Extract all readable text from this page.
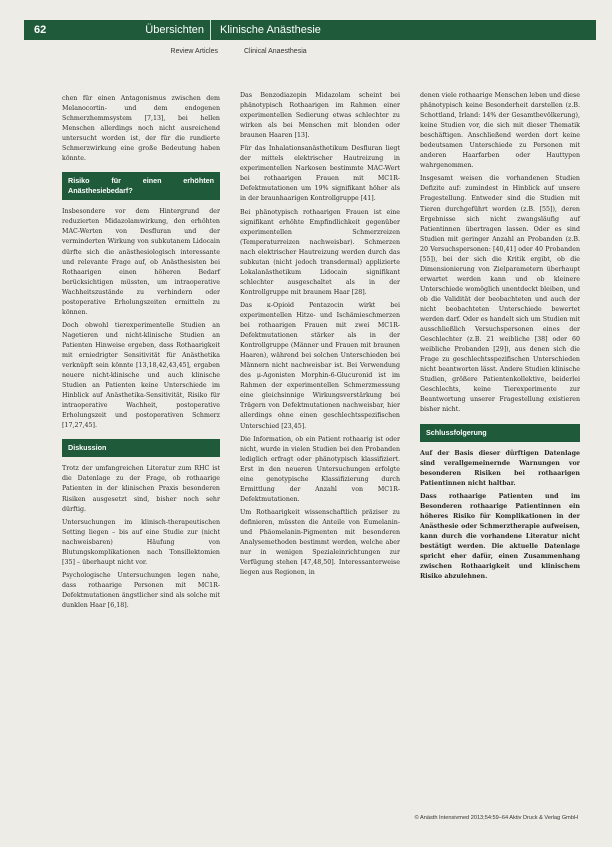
62	Übersichten Klinische Anästhesie
Review Articles	Clinical Anaesthesia

chen für einen Antagonismus zwischen dem Melanocortin- und dem endogenen Schmerzhemmsystem [7,13], bei hellen Menschen allerdings noch nicht ausreichend untersucht worden ist, der für die rundierte Schmerzwirkung eine große Bedeutung haben könnte.

Risiko für einen erhöhten Anästhesiebedarf?

Insbesondere vor dem Hintergrund der reduzierten Midazolamwirkung, den erhöhten MAC-Werten von Desfluran und der verminderten Wirkung von subkutanem Lidocain dürfte sich die anästhesiologisch interessante und relevante Frage auf, ob Anästhesisten bei Rothaarigen einen höheren Bedarf berücksichtigen müssten, um intraoperative Wachheitszustände zu verhindern oder postoperative Erholungszeiten ermitteln zu können.

Doch obwohl tierexperimentelle Studien an Nagetieren und nicht-klinische Studien an Patienten Hinweise ergeben, dass Rothaarigkeit mit erniedrigter Sensitivität für Anästhetika verknüpft sein könnte [13,18,42,43,45], ergaben neuere nicht-klinische und auch klinische Studien an Patienten keine Unterschiede im Hinblick auf Anästhetika-Sensitivität, Risiko für intraoperative Wachheit, postoperative Erholungszeit und postoperativen Schmerz [17,27,45].

Diskussion

Trotz der umfangreichen Literatur zum RHC ist die Datenlage zu der Frage, ob rothaarige Patienten in der klinischen Praxis besonderen Risiken ausgesetzt sind, bisher noch sehr dürftig.

Untersuchungen im klinisch-therapeutischen Setting liegen – bis auf eine Studie zur (nicht nachweisbaren) Häufung von Blutungskomplikationen nach Tonsillektomien [35] – überhaupt nicht vor.

Psychologische Untersuchungen legen nahe, dass rothaarige Personen mit MC1R-Defektmutationen ängstlicher sind als solche mit dunklen Haar [6,18].

Das Benzodiazepin Midazolam scheint bei phänotypisch Rothaarigen im Rahmen einer experimentellen Sedierung etwas schlechter zu wirken als bei Menschen mit blonden oder braunen Haaren [13].

Für das Inhalationsanästhetikum Desfluran liegt der mittels elektrischer Hautreizung in experimentellen Narkosen bestimmte MAC-Wert bei rothaarigen Frauen mit MC1R-Defektmutationen um 19% signifikant höher als in der braunhaarigen Kontrollgruppe [41].

Bei phänotypisch rothaarigen Frauen ist eine signifikant erhöhte Empfindlichkeit gegenüber experimentellen Schmerzreizen (Temperaturreizen nachweisbar). Schmerzen nach elektrischer Hautreizung werden durch das subkutan (nicht jedoch transdermal) applizierte Lokalanästhetikum Lidocain signifikant schlechter ausgeschaltet als in der Kontrollgruppe mit braunem Haar [28].

Das κ-Opioid Pentazocin wirkt bei experimentellen Hitze- und Ischämieschmerzen bei rothaarigen Frauen mit zwei MC1R-Defektmutationen stärker als in der Kontrollgruppe (Männer und Frauen mit braunen Haaren), während bei solchen Unterschieden bei Männern nicht nachweisbar ist. Bei Verwendung des μ-Agonisten Morphin-6-Glucuronid ist im Rahmen der experimentellen Schmerzmessung eine gleichsinnige Wirkungsverstärkung bei Trägern von Defektmutationen nachweisbar, hier allerdings ohne einen geschlechtsspezifischen Unterschied [23,45].

Die Information, ob ein Patient rothaarig ist oder nicht, wurde in vielen Studien bei den Probanden lediglich erfragt oder phänotypisch klassifiziert. Erst in den neueren Untersuchungen erfolgte eine genotypische Klassifizierung durch Ermittlung der Anzahl von MC1R-Defektmutationen.

Um Rothaarigkeit wissenschaftlich präziser zu definieren, müssten die Anteile von Eumelanin- und Phäomelanin-Pigmenten mit besonderen Analysemethoden bestimmt werden, welche aber nur in wenigen Spezialeinrichtungen zur Verfügung stehen [47,48,50]. Interessanterweise liegen aus Regionen, in

denen viele rothaarige Menschen leben und diese phänotypisch keine Besonderheit darstellen (z.B. Schottland, Irland: 14% der Gesamtbevölkerung), keine Studien vor, die sich mit dieser Thematik beschäftigen. Anschließend werden dort keine bedeutsamen Unterschiede zu Personen mit anderen Haarfarben oder Hauttypen wahrgenommen.

Insgesamt weisen die vorhandenen Studien Defizite auf: zumindest in Hinblick auf unsere Fragestellung. Entweder sind die Studien mit Tieren durchgeführt worden (z.B. [55]), deren Ergebnisse sich nicht zwangsläufig auf Patientinnen übertragen lassen. Oder es sind Studien mit geringer Anzahl an Probanden (z.B. 20 Versuchspersonen: [40,41] oder 40 Probanden [55]), bei der sich die Kritik ergibt, ob die Dimensionierung von Zielparametern überhaupt erwartet werden kann und ob kleinere Unterschiede womöglich unentdeckt bleiben, und ob die Validität der beobachteten und auch der nicht beobachteten Unterschiede bewertet werden darf. Oder es handelt sich um Studien mit ausschließlich Versuchspersonen eines der Geschlechter (z.B. 21 weibliche [38] oder 60 weibliche Probanden [29]), aus denen sich die Frage zu geschlechtsspezifischen Unterschieden nicht beantworten lässt. Andere Studien klinische Studien, größere Patientenkollektive, beiderlei Geschlechts, keine Tierexperimente zur Beantwortung unserer Fragestellung existieren bisher nicht.

Schlussfolgerung

Auf der Basis dieser dürftigen Datenlage sind verallgemeinernde Warnungen vor besonderen Risiken bei rothaarigen Patientinnen nicht haltbar.

Dass rothaarige Patienten und im Besonderen rothaarige Patientinnen ein höheres Risiko für Komplikationen in der Anästhesie oder Schmerztherapie aufweisen, kann durch die vorhandene Literatur nicht bestätigt werden. Die aktuelle Datenlage spricht eher dafür, einen Zusammenhang zwischen Rothaarigkeit und klinischem Risiko abzulehnen.

© Anästh Intensivmed 2013;54:59–64 Aktiv Druck & Verlag GmbH
